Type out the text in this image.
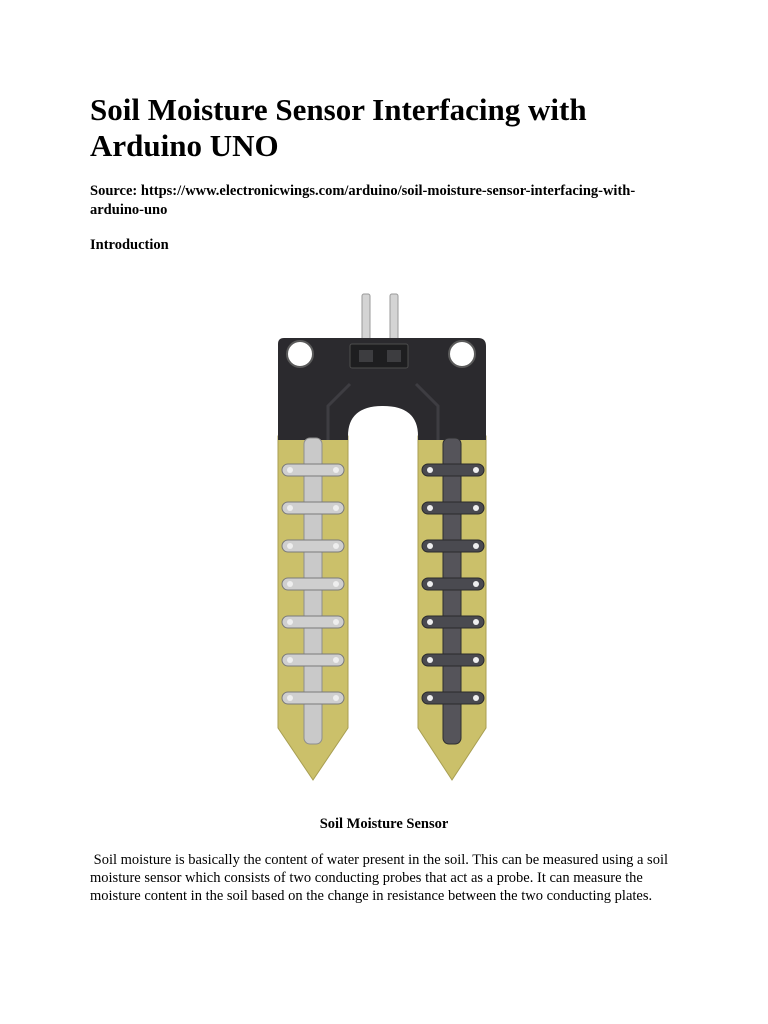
Soil Moisture Sensor Interfacing with Arduino UNO

Source: https://www.electronicwings.com/arduino/soil-moisture-sensor-interfacing-with-arduino-uno

Introduction

Soil Moisture Sensor

Soil moisture is basically the content of water present in the soil. This can be measured using a soil moisture sensor which consists of two conducting probes that act as a probe. It can measure the moisture content in the soil based on the change in resistance between the two conducting plates.
